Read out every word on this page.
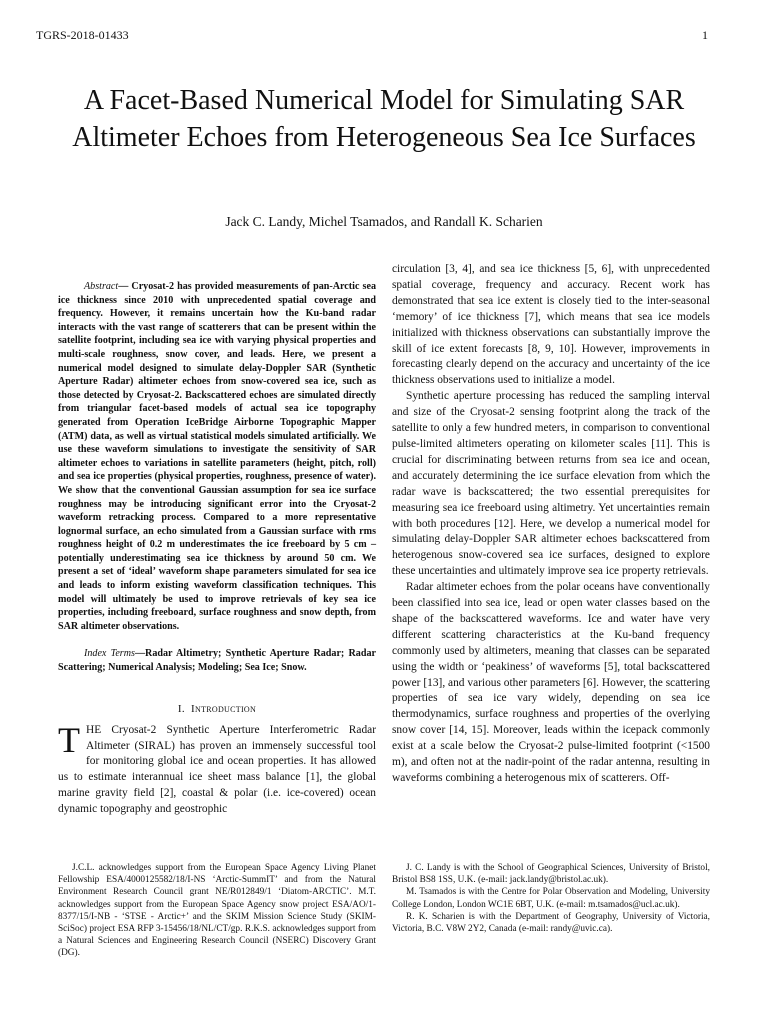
TGRS-2018-01433	1
A Facet-Based Numerical Model for Simulating SAR Altimeter Echoes from Heterogeneous Sea Ice Surfaces
Jack C. Landy, Michel Tsamados, and Randall K. Scharien

Abstract— Cryosat-2 has provided measurements of pan-Arctic sea ice thickness since 2010 with unprecedented spatial coverage and frequency. However, it remains uncertain how the Ku-band radar interacts with the vast range of scatterers that can be present within the satellite footprint, including sea ice with varying physical properties and multi-scale roughness, snow cover, and leads. Here, we present a numerical model designed to simulate delay-Doppler SAR (Synthetic Aperture Radar) altimeter echoes from snow-covered sea ice, such as those detected by Cryosat-2. Backscattered echoes are simulated directly from triangular facet-based models of actual sea ice topography generated from Operation IceBridge Airborne Topographic Mapper (ATM) data, as well as virtual statistical models simulated artificially. We use these waveform simulations to investigate the sensitivity of SAR altimeter echoes to variations in satellite parameters (height, pitch, roll) and sea ice properties (physical properties, roughness, presence of water). We show that the conventional Gaussian assumption for sea ice surface roughness may be introducing significant error into the Cryosat-2 waveform retracking process. Compared to a more representative lognormal surface, an echo simulated from a Gaussian surface with rms roughness height of 0.2 m underestimates the ice freeboard by 5 cm – potentially underestimating sea ice thickness by around 50 cm. We present a set of ‘ideal’ waveform shape parameters simulated for sea ice and leads to inform existing waveform classification techniques. This model will ultimately be used to improve retrievals of key sea ice properties, including freeboard, surface roughness and snow depth, from SAR altimeter observations.

Index Terms—Radar Altimetry; Synthetic Aperture Radar; Radar Scattering; Numerical Analysis; Modeling; Sea Ice; Snow.

I. Introduction

THE Cryosat-2 Synthetic Aperture Interferometric Radar Altimeter (SIRAL) has proven an immensely successful tool for monitoring global ice and ocean properties. It has allowed us to estimate interannual ice sheet mass balance [1], the global marine gravity field [2], coastal & polar (i.e. ice-covered) ocean dynamic topography and geostrophic

circulation [3, 4], and sea ice thickness [5, 6], with unprecedented spatial coverage, frequency and accuracy. Recent work has demonstrated that sea ice extent is closely tied to the inter-seasonal ‘memory’ of ice thickness [7], which means that sea ice models initialized with thickness observations can substantially improve the skill of ice extent forecasts [8, 9, 10]. However, improvements in forecasting clearly depend on the accuracy and uncertainty of the ice thickness observations used to initialize a model.

Synthetic aperture processing has reduced the sampling interval and size of the Cryosat-2 sensing footprint along the track of the satellite to only a few hundred meters, in comparison to conventional pulse-limited altimeters operating on kilometer scales [11]. This is crucial for discriminating between returns from sea ice and ocean, and accurately determining the ice surface elevation from which the radar wave is backscattered; the two essential prerequisites for measuring sea ice freeboard using altimetry. Yet uncertainties remain with both procedures [12]. Here, we develop a numerical model for simulating delay-Doppler SAR altimeter echoes backscattered from heterogenous snow-covered sea ice surfaces, designed to explore these uncertainties and ultimately improve sea ice property retrievals.

Radar altimeter echoes from the polar oceans have conventionally been classified into sea ice, lead or open water classes based on the shape of the backscattered waveforms. Ice and water have very different scattering characteristics at the Ku-band frequency commonly used by altimeters, meaning that classes can be separated using the width or ‘peakiness’ of waveforms [5], total backscattered power [13], and various other parameters [6]. However, the scattering properties of sea ice vary widely, depending on sea ice thermodynamics, surface roughness and properties of the overlying snow cover [14, 15]. Moreover, leads within the icepack commonly exist at a scale below the Cryosat-2 pulse-limited footprint (<1500 m), and often not at the nadir-point of the radar antenna, resulting in waveforms combining a heterogenous mix of scatterers. Off-

J.C.L. acknowledges support from the European Space Agency Living Planet Fellowship ESA/4000125582/18/I-NS ‘Arctic-SummIT’ and from the Natural Environment Research Council grant NE/R012849/1 ‘Diatom-ARCTIC’. M.T. acknowledges support from the European Space Agency snow project ESA/AO/1-8377/15/I-NB - ‘STSE - Arctic+’ and the SKIM Mission Science Study (SKIM-SciSoc) project ESA RFP 3-15456/18/NL/CT/gp. R.K.S. acknowledges support from a Natural Sciences and Engineering Research Council (NSERC) Discovery Grant (DG).

J. C. Landy is with the School of Geographical Sciences, University of Bristol, Bristol BS8 1SS, U.K. (e-mail: jack.landy@bristol.ac.uk).

M. Tsamados is with the Centre for Polar Observation and Modeling, University College London, London WC1E 6BT, U.K. (e-mail: m.tsamados@ucl.ac.uk).

R. K. Scharien is with the Department of Geography, University of Victoria, Victoria, B.C. V8W 2Y2, Canada (e-mail: randy@uvic.ca).
